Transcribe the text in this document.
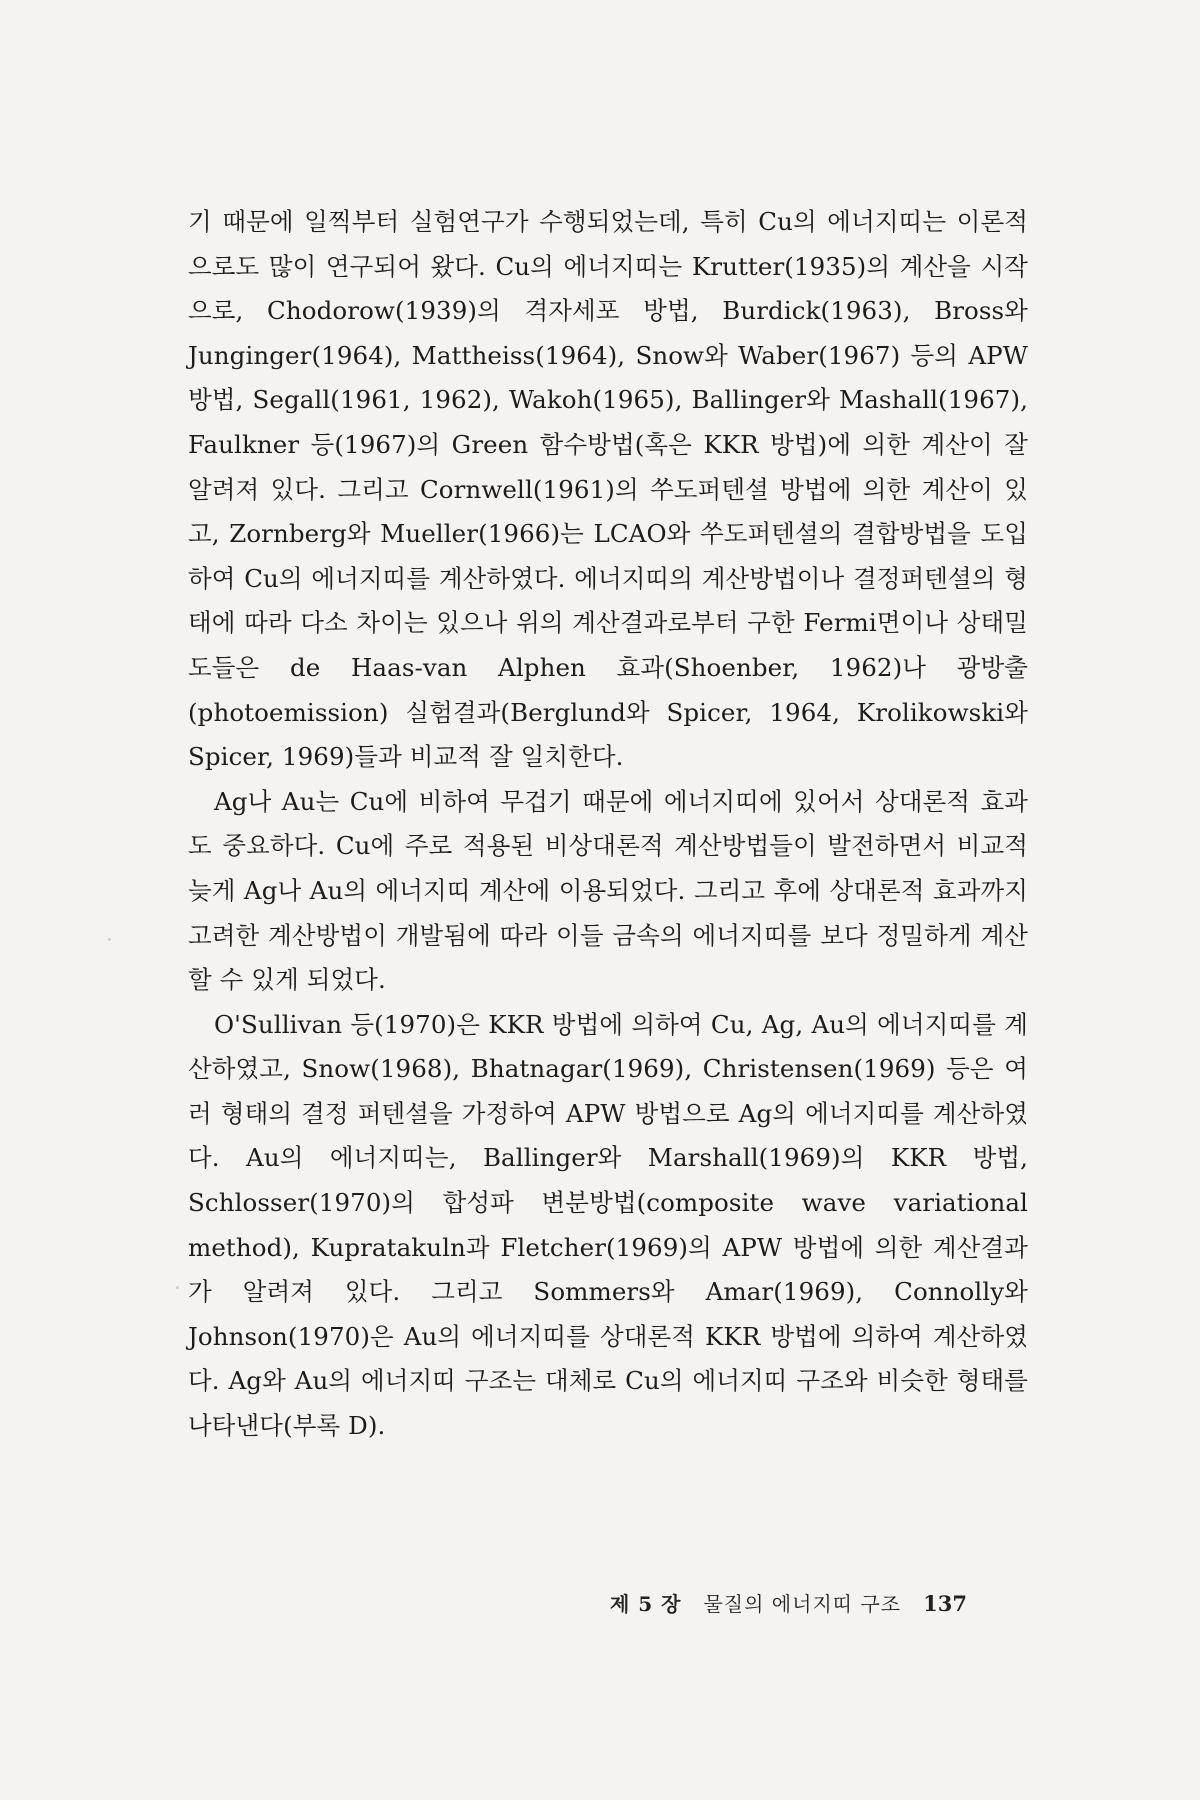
기 때문에 일찍부터 실험연구가 수행되었는데, 특히 Cu의 에너지띠는 이론적으로도 많이 연구되어 왔다. Cu의 에너지띠는 Krutter(1935)의 계산을 시작으로, Chodorow(1939)의 격자세포 방법, Burdick(1963), Bross와 Junginger(1964), Mattheiss(1964), Snow와 Waber(1967) 등의 APW 방법, Segall(1961, 1962), Wakoh(1965), Ballinger와 Mashall(1967), Faulkner 등(1967)의 Green 함수방법(혹은 KKR 방법)에 의한 계산이 잘 알려져 있다. 그리고 Cornwell(1961)의 쑤도퍼텐셜 방법에 의한 계산이 있고, Zornberg와 Mueller(1966)는 LCAO와 쑤도퍼텐셜의 결합방법을 도입하여 Cu의 에너지띠를 계산하였다. 에너지띠의 계산방법이나 결정퍼텐셜의 형태에 따라 다소 차이는 있으나 위의 계산결과로부터 구한 Fermi면이나 상태밀도들은 de Haas-van Alphen 효과(Shoenber, 1962)나 광방출(photoemission) 실험결과(Berglund와 Spicer, 1964, Krolikowski와 Spicer, 1969)들과 비교적 잘 일치한다.

Ag나 Au는 Cu에 비하여 무겁기 때문에 에너지띠에 있어서 상대론적 효과도 중요하다. Cu에 주로 적용된 비상대론적 계산방법들이 발전하면서 비교적 늦게 Ag나 Au의 에너지띠 계산에 이용되었다. 그리고 후에 상대론적 효과까지 고려한 계산방법이 개발됨에 따라 이들 금속의 에너지띠를 보다 정밀하게 계산할 수 있게 되었다.

O'Sullivan 등(1970)은 KKR 방법에 의하여 Cu, Ag, Au의 에너지띠를 계산하였고, Snow(1968), Bhatnagar(1969), Christensen(1969) 등은 여러 형태의 결정 퍼텐셜을 가정하여 APW 방법으로 Ag의 에너지띠를 계산하였다. Au의 에너지띠는, Ballinger와 Marshall(1969)의 KKR 방법, Schlosser(1970)의 합성파 변분방법(composite wave variational method), Kupratakuln과 Fletcher(1969)의 APW 방법에 의한 계산결과가 알려져 있다. 그리고 Sommers와 Amar(1969), Connolly와 Johnson(1970)은 Au의 에너지띠를 상대론적 KKR 방법에 의하여 계산하였다. Ag와 Au의 에너지띠 구조는 대체로 Cu의 에너지띠 구조와 비슷한 형태를 나타낸다(부록 D).

제 5 장 물질의 에너지띠 구조 137
